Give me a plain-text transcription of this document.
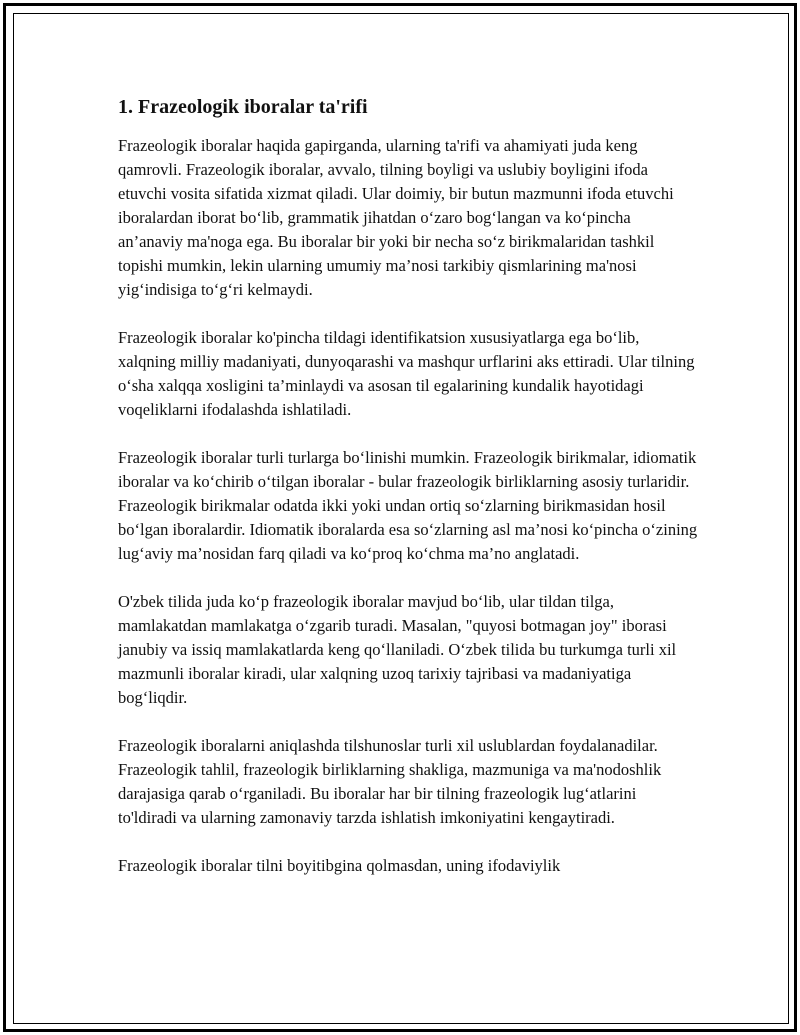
1. Frazeologik iboralar ta'rifi

Frazeologik iboralar haqida gapirganda, ularning ta'rifi va ahamiyati juda keng qamrovli. Frazeologik iboralar, avvalo, tilning boyligi va uslubiy boyligini ifoda etuvchi vosita sifatida xizmat qiladi. Ular doimiy, bir butun mazmunni ifoda etuvchi iboralardan iborat bo‘lib, grammatik jihatdan o‘zaro bog‘langan va ko‘pincha an’anaviy ma'noga ega. Bu iboralar bir yoki bir necha so‘z birikmalaridan tashkil topishi mumkin, lekin ularning umumiy ma’nosi tarkibiy qismlarining ma'nosi yig‘indisiga to‘g‘ri kelmaydi.

Frazeologik iboralar ko'pincha tildagi identifikatsion xususiyatlarga ega bo‘lib, xalqning milliy madaniyati, dunyoqarashi va mashqur urflarini aks ettiradi. Ular tilning o‘sha xalqqa xosligini ta’minlaydi va asosan til egalarining kundalik hayotidagi voqeliklarni ifodalashda ishlatiladi.

Frazeologik iboralar turli turlarga bo‘linishi mumkin. Frazeologik birikmalar, idiomatik iboralar va ko‘chirib o‘tilgan iboralar - bular frazeologik birliklarning asosiy turlaridir. Frazeologik birikmalar odatda ikki yoki undan ortiq so‘zlarning birikmasidan hosil bo‘lgan iboralardir. Idiomatik iboralarda esa so‘zlarning asl ma’nosi ko‘pincha o‘zining lug‘aviy ma’nosidan farq qiladi va ko‘proq ko‘chma ma’no anglatadi.

O'zbek tilida juda ko‘p frazeologik iboralar mavjud bo‘lib, ular tildan tilga, mamlakatdan mamlakatga o‘zgarib turadi. Masalan, "quyosi botmagan joy" iborasi janubiy va issiq mamlakatlarda keng qo‘llaniladi. O‘zbek tilida bu turkumga turli xil mazmunli iboralar kiradi, ular xalqning uzoq tarixiy tajribasi va madaniyatiga bog‘liqdir.

Frazeologik iboralarni aniqlashda tilshunoslar turli xil uslublardan foydalanadilar. Frazeologik tahlil, frazeologik birliklarning shakliga, mazmuniga va ma'nodoshlik darajasiga qarab o‘rganiladi. Bu iboralar har bir tilning frazeologik lug‘atlarini to'ldiradi va ularning zamonaviy tarzda ishlatish imkoniyatini kengaytiradi.

Frazeologik iboralar tilni boyitibgina qolmasdan, uning ifodaviylik
